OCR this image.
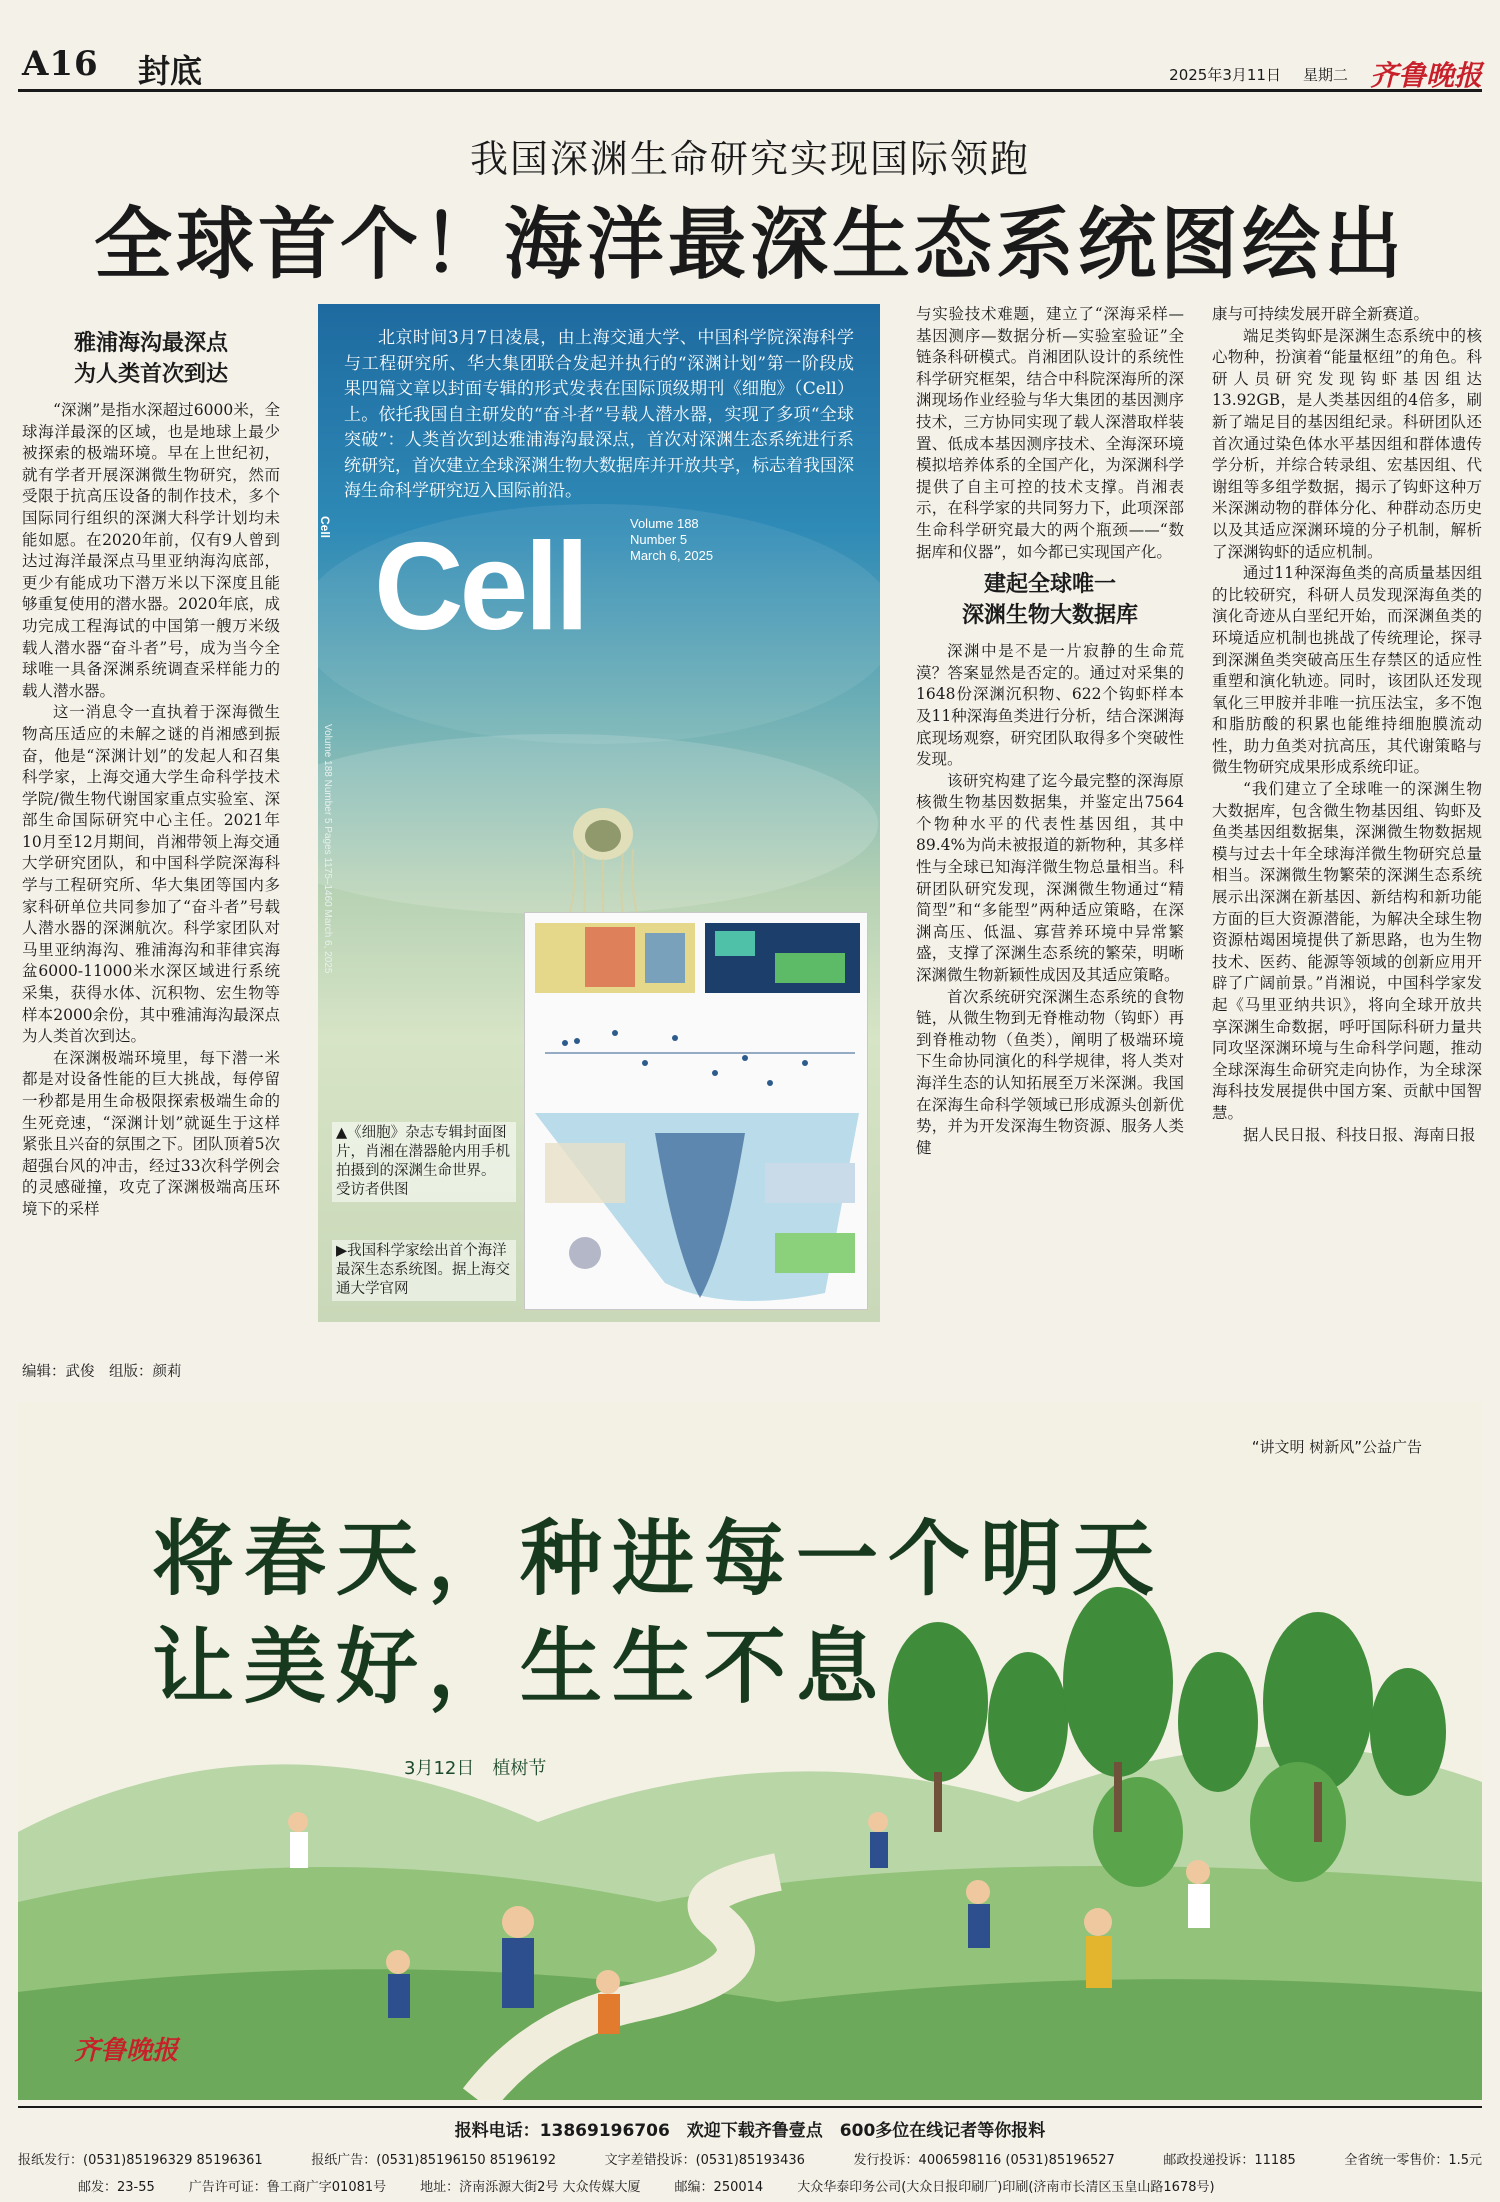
A16 封底	2025年3月11日 星期二 齐鲁晚报
我国深渊生命研究实现国际领跑
全球首个！海洋最深生态系统图绘出
雅浦海沟最深点
为人类首次到达

“深渊”是指水深超过6000米，全球海洋最深的区域，也是地球上最少被探索的极端环境。早在上世纪初，就有学者开展深渊微生物研究，然而受限于抗高压设备的制作技术，多个国际同行组织的深渊大科学计划均未能如愿。在2020年前，仅有9人曾到达过海洋最深点马里亚纳海沟底部，更少有能成功下潜万米以下深度且能够重复使用的潜水器。2020年底，成功完成工程海试的中国第一艘万米级载人潜水器“奋斗者”号，成为当今全球唯一具备深渊系统调查采样能力的载人潜水器。

这一消息令一直执着于深海微生物高压适应的未解之谜的肖湘感到振奋，他是“深渊计划”的发起人和召集科学家，上海交通大学生命科学技术学院/微生物代谢国家重点实验室、深部生命国际研究中心主任。2021年10月至12月期间，肖湘带领上海交通大学研究团队，和中国科学院深海科学与工程研究所、华大集团等国内多家科研单位共同参加了“奋斗者”号载人潜水器的深渊航次。科学家团队对马里亚纳海沟、雅浦海沟和菲律宾海盆6000-11000米水深区域进行系统采集，获得水体、沉积物、宏生物等样本2000余份，其中雅浦海沟最深点为人类首次到达。

在深渊极端环境里，每下潜一米都是对设备性能的巨大挑战，每停留一秒都是用生命极限探索极端生命的生死竞速，“深渊计划”就诞生于这样紧张且兴奋的氛围之下。团队顶着5次超强台风的冲击，经过33次科学例会的灵感碰撞，攻克了深渊极端高压环境下的采样

北京时间3月7日凌晨，由上海交通大学、中国科学院深海科学与工程研究所、华大集团联合发起并执行的“深渊计划”第一阶段成果四篇文章以封面专辑的形式发表在国际顶级期刊《细胞》（Cell）上。依托我国自主研发的“奋斗者”号载人潜水器，实现了多项“全球突破”：人类首次到达雅浦海沟最深点，首次对深渊生态系统进行系统研究，首次建立全球深渊生物大数据库并开放共享，标志着我国深海生命科学研究迈入国际前沿。
Cell Cell	Volume 188
Number 5
March 6, 2025
Volume 188 Number 5 Pages 1175–1460 March 6, 2025
▲《细胞》杂志专辑封面图片，肖湘在潜器舱内用手机拍摄到的深渊生命世界。 受访者供图
▶我国科学家绘出首个海洋最深生态系统图。据上海交通大学官网

与实验技术难题，建立了“深海采样—基因测序—数据分析—实验室验证”全链条科研模式。肖湘团队设计的系统性科学研究框架，结合中科院深海所的深渊现场作业经验与华大集团的基因测序技术，三方协同实现了载人深潜取样装置、低成本基因测序技术、全海深环境模拟培养体系的全国产化，为深渊科学提供了自主可控的技术支撑。肖湘表示，在科学家的共同努力下，此项深部生命科学研究最大的两个瓶颈——“数据库和仪器”，如今都已实现国产化。

建起全球唯一
深渊生物大数据库

深渊中是不是一片寂静的生命荒漠？答案显然是否定的。通过对采集的1648份深渊沉积物、622个钩虾样本及11种深海鱼类进行分析，结合深渊海底现场观察，研究团队取得多个突破性发现。

该研究构建了迄今最完整的深海原核微生物基因数据集，并鉴定出7564个物种水平的代表性基因组，其中89.4%为尚未被报道的新物种，其多样性与全球已知海洋微生物总量相当。科研团队研究发现，深渊微生物通过“精简型”和“多能型”两种适应策略，在深渊高压、低温、寡营养环境中异常繁盛，支撑了深渊生态系统的繁荣，明晰深渊微生物新颖性成因及其适应策略。

首次系统研究深渊生态系统的食物链，从微生物到无脊椎动物（钩虾）再到脊椎动物（鱼类），阐明了极端环境下生命协同演化的科学规律，将人类对海洋生态的认知拓展至万米深渊。我国在深海生命科学领域已形成源头创新优势，并为开发深海生物资源、服务人类健

康与可持续发展开辟全新赛道。

端足类钩虾是深渊生态系统中的核心物种，扮演着“能量枢纽”的角色。科研人员研究发现钩虾基因组达13.92GB，是人类基因组的4倍多，刷新了端足目的基因组纪录。科研团队还首次通过染色体水平基因组和群体遗传学分析，并综合转录组、宏基因组、代谢组等多组学数据，揭示了钩虾这种万米深渊动物的群体分化、种群动态历史以及其适应深渊环境的分子机制，解析了深渊钩虾的适应机制。

通过11种深海鱼类的高质量基因组的比较研究，科研人员发现深海鱼类的演化奇迹从白垩纪开始，而深渊鱼类的环境适应机制也挑战了传统理论，探寻到深渊鱼类突破高压生存禁区的适应性重塑和演化轨迹。同时，该团队还发现氧化三甲胺并非唯一抗压法宝，多不饱和脂肪酸的积累也能维持细胞膜流动性，助力鱼类对抗高压，其代谢策略与微生物研究成果形成系统印证。

“我们建立了全球唯一的深渊生物大数据库，包含微生物基因组、钩虾及鱼类基因组数据集，深渊微生物数据规模与过去十年全球海洋微生物研究总量相当。深渊微生物繁荣的深渊生态系统展示出深渊在新基因、新结构和新功能方面的巨大资源潜能，为解决全球生物资源枯竭困境提供了新思路，也为生物技术、医药、能源等领域的创新应用开辟了广阔前景。”肖湘说，中国科学家发起《马里亚纳共识》，将向全球开放共享深渊生命数据，呼吁国际科研力量共同攻坚深渊环境与生命科学问题，推动全球深海生命研究走向协作，为全球深海科技发展提供中国方案、贡献中国智慧。

据人民日报、科技日报、海南日报

编辑：武俊　组版：颜莉
“讲文明 树新风”公益广告
将春天，种进每一个明天
让美好，生生不息
3月12日　植树节
齐鲁晚报
报料电话：13869196706　欢迎下载齐鲁壹点　600多位在线记者等你报料
报纸发行：(0531)85196329 85196361	报纸广告：(0531)85196150 85196192	文字差错投诉：(0531)85193436	发行投诉：4006598116 (0531)85196527	邮政投递投诉：11185	全省统一零售价：1.5元
邮发：23-55	广告许可证：鲁工商广字01081号	地址：济南泺源大街2号 大众传媒大厦	邮编：250014	大众华泰印务公司(大众日报印刷厂)印刷(济南市长清区玉皇山路1678号)
